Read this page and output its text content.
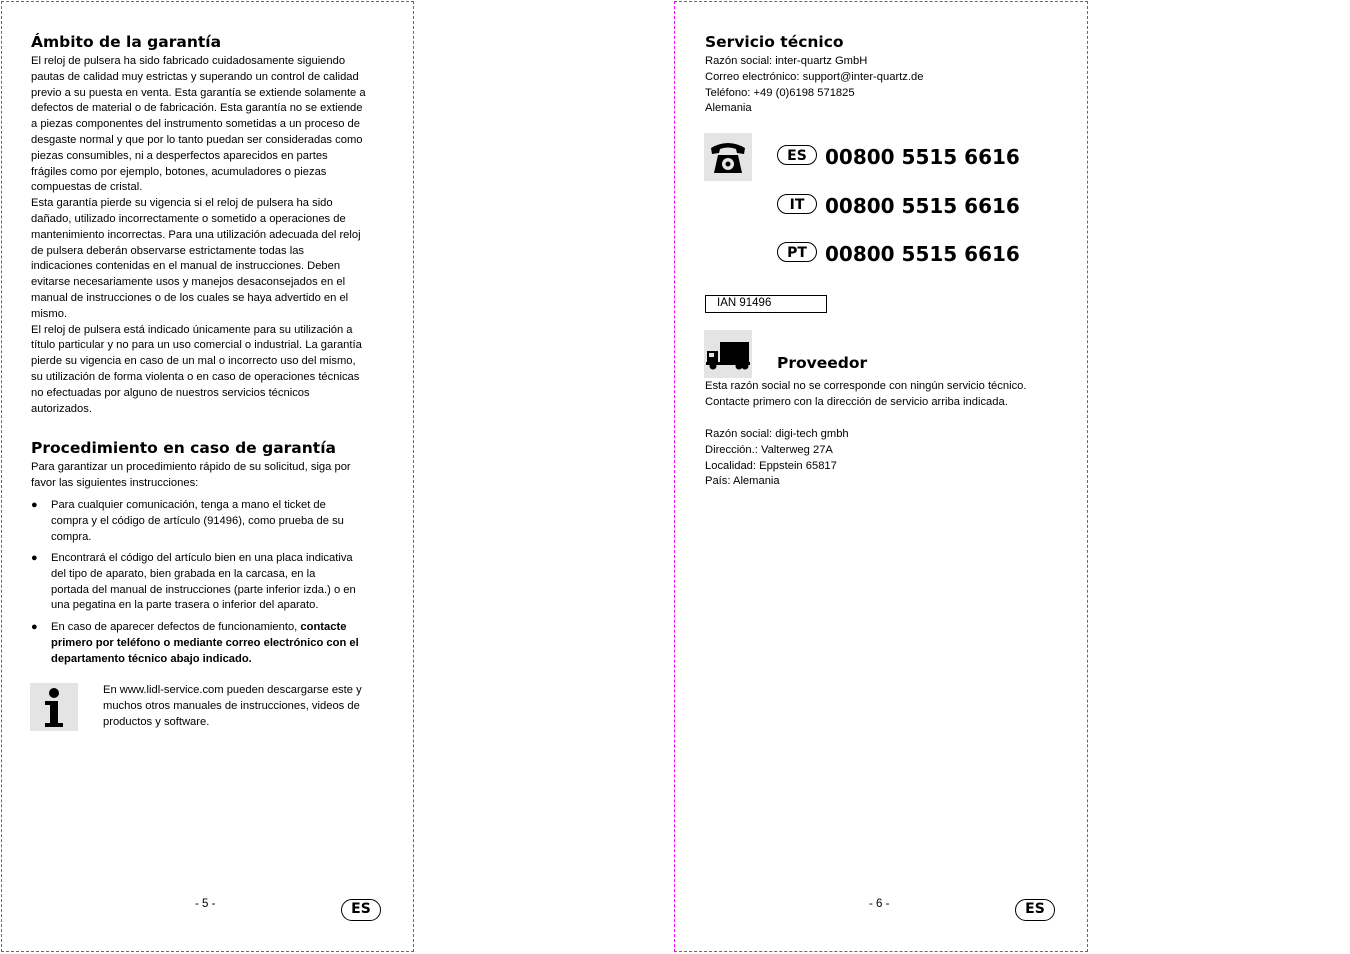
Ámbito de la garantía
El reloj de pulsera ha sido fabricado cuidadosamente siguiendo
pautas de calidad muy estrictas y superando un control de calidad
previo a su puesta en venta. Esta garantía se extiende solamente a
defectos de material o de fabricación. Esta garantía no se extiende
a piezas componentes del instrumento sometidas a un proceso de
desgaste normal y que por lo tanto puedan ser consideradas como
piezas consumibles, ni a desperfectos aparecidos en partes
frágiles como por ejemplo, botones, acumuladores o piezas
compuestas de cristal.
Esta garantía pierde su vigencia si el reloj de pulsera ha sido
dañado, utilizado incorrectamente o sometido a operaciones de
mantenimiento incorrectas. Para una utilización adecuada del reloj
de pulsera deberán observarse estrictamente todas las
indicaciones contenidas en el manual de instrucciones. Deben
evitarse necesariamente usos y manejos desaconsejados en el
manual de instrucciones o de los cuales se haya advertido en el
mismo.
El reloj de pulsera está indicado únicamente para su utilización a
título particular y no para un uso comercial o industrial. La garantía
pierde su vigencia en caso de un mal o incorrecto uso del mismo,
su utilización de forma violenta o en caso de operaciones técnicas
no efectuadas por alguno de nuestros servicios técnicos
autorizados.
Procedimiento en caso de garantía
Para garantizar un procedimiento rápido de su solicitud, siga por
favor las siguientes instrucciones:
● Para cualquier comunicación, tenga a mano el ticket de
compra y el código de artículo (91496), como prueba de su
compra.
● Encontrará el código del artículo bien en una placa indicativa
del tipo de aparato, bien grabada en la carcasa, en la
portada del manual de instrucciones (parte inferior izda.) o en
una pegatina en la parte trasera o inferior del aparato.
● En caso de aparecer defectos de funcionamiento, contacte
primero por teléfono o mediante correo electrónico con el
departamento técnico abajo indicado.
En www.lidl-service.com pueden descargarse este y
muchos otros manuales de instrucciones, videos de
productos y software.
- 5 -	ES
Servicio técnico
Razón social: inter-quartz GmbH
Correo electrónico: support@inter-quartz.de
Teléfono: +49 (0)6198 571825
Alemania
ES 00800 5515 6616
IT	00800 5515 6616
PT 00800 5515 6616
IAN 91496
Proveedor
Esta razón social no se corresponde con ningún servicio técnico.
Contacte primero con la dirección de servicio arriba indicada.
Razón social: digi-tech gmbh
Dirección.: Valterweg 27A
Localidad: Eppstein 65817
País: Alemania
- 6 -	ES
